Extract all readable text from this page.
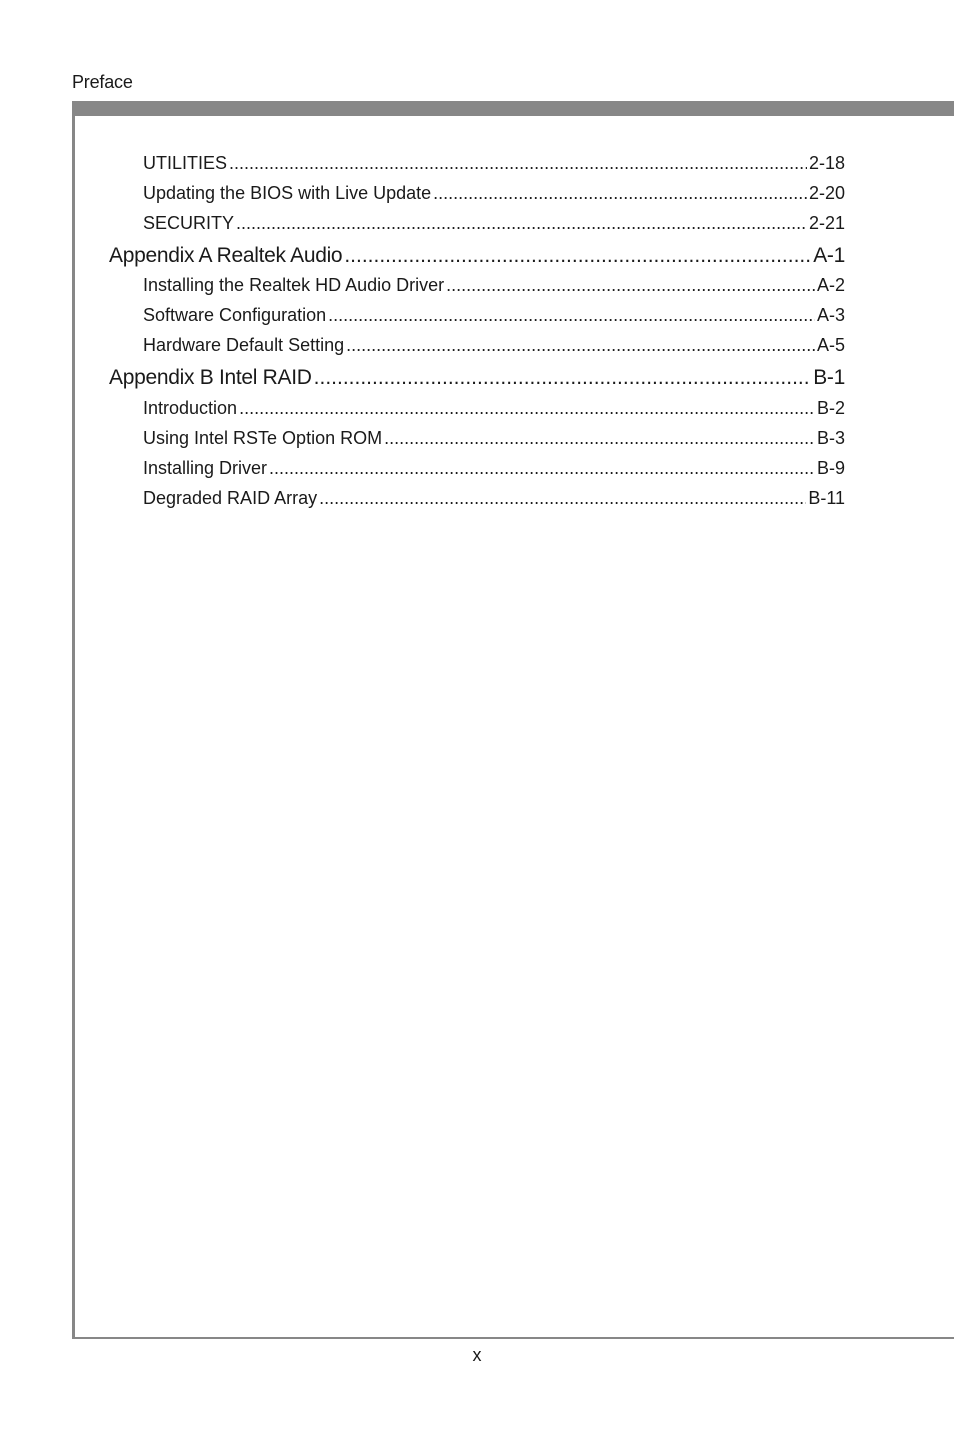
Preface
UTILITIES .....	2-18
Updating the BIOS with Live Update .....	2-20
SECURITY .....	2-21
Appendix A Realtek Audio .....	A-1
Installing the Realtek HD Audio Driver .....	A-2
Software Configuration .....	A-3
Hardware Default Setting .....	A-5
Appendix B Intel RAID .....	B-1
Introduction .....	B-2
Using Intel RSTe Option ROM .....	B-3
Installing Driver .....	B-9
Degraded RAID Array .....	B-11
x
